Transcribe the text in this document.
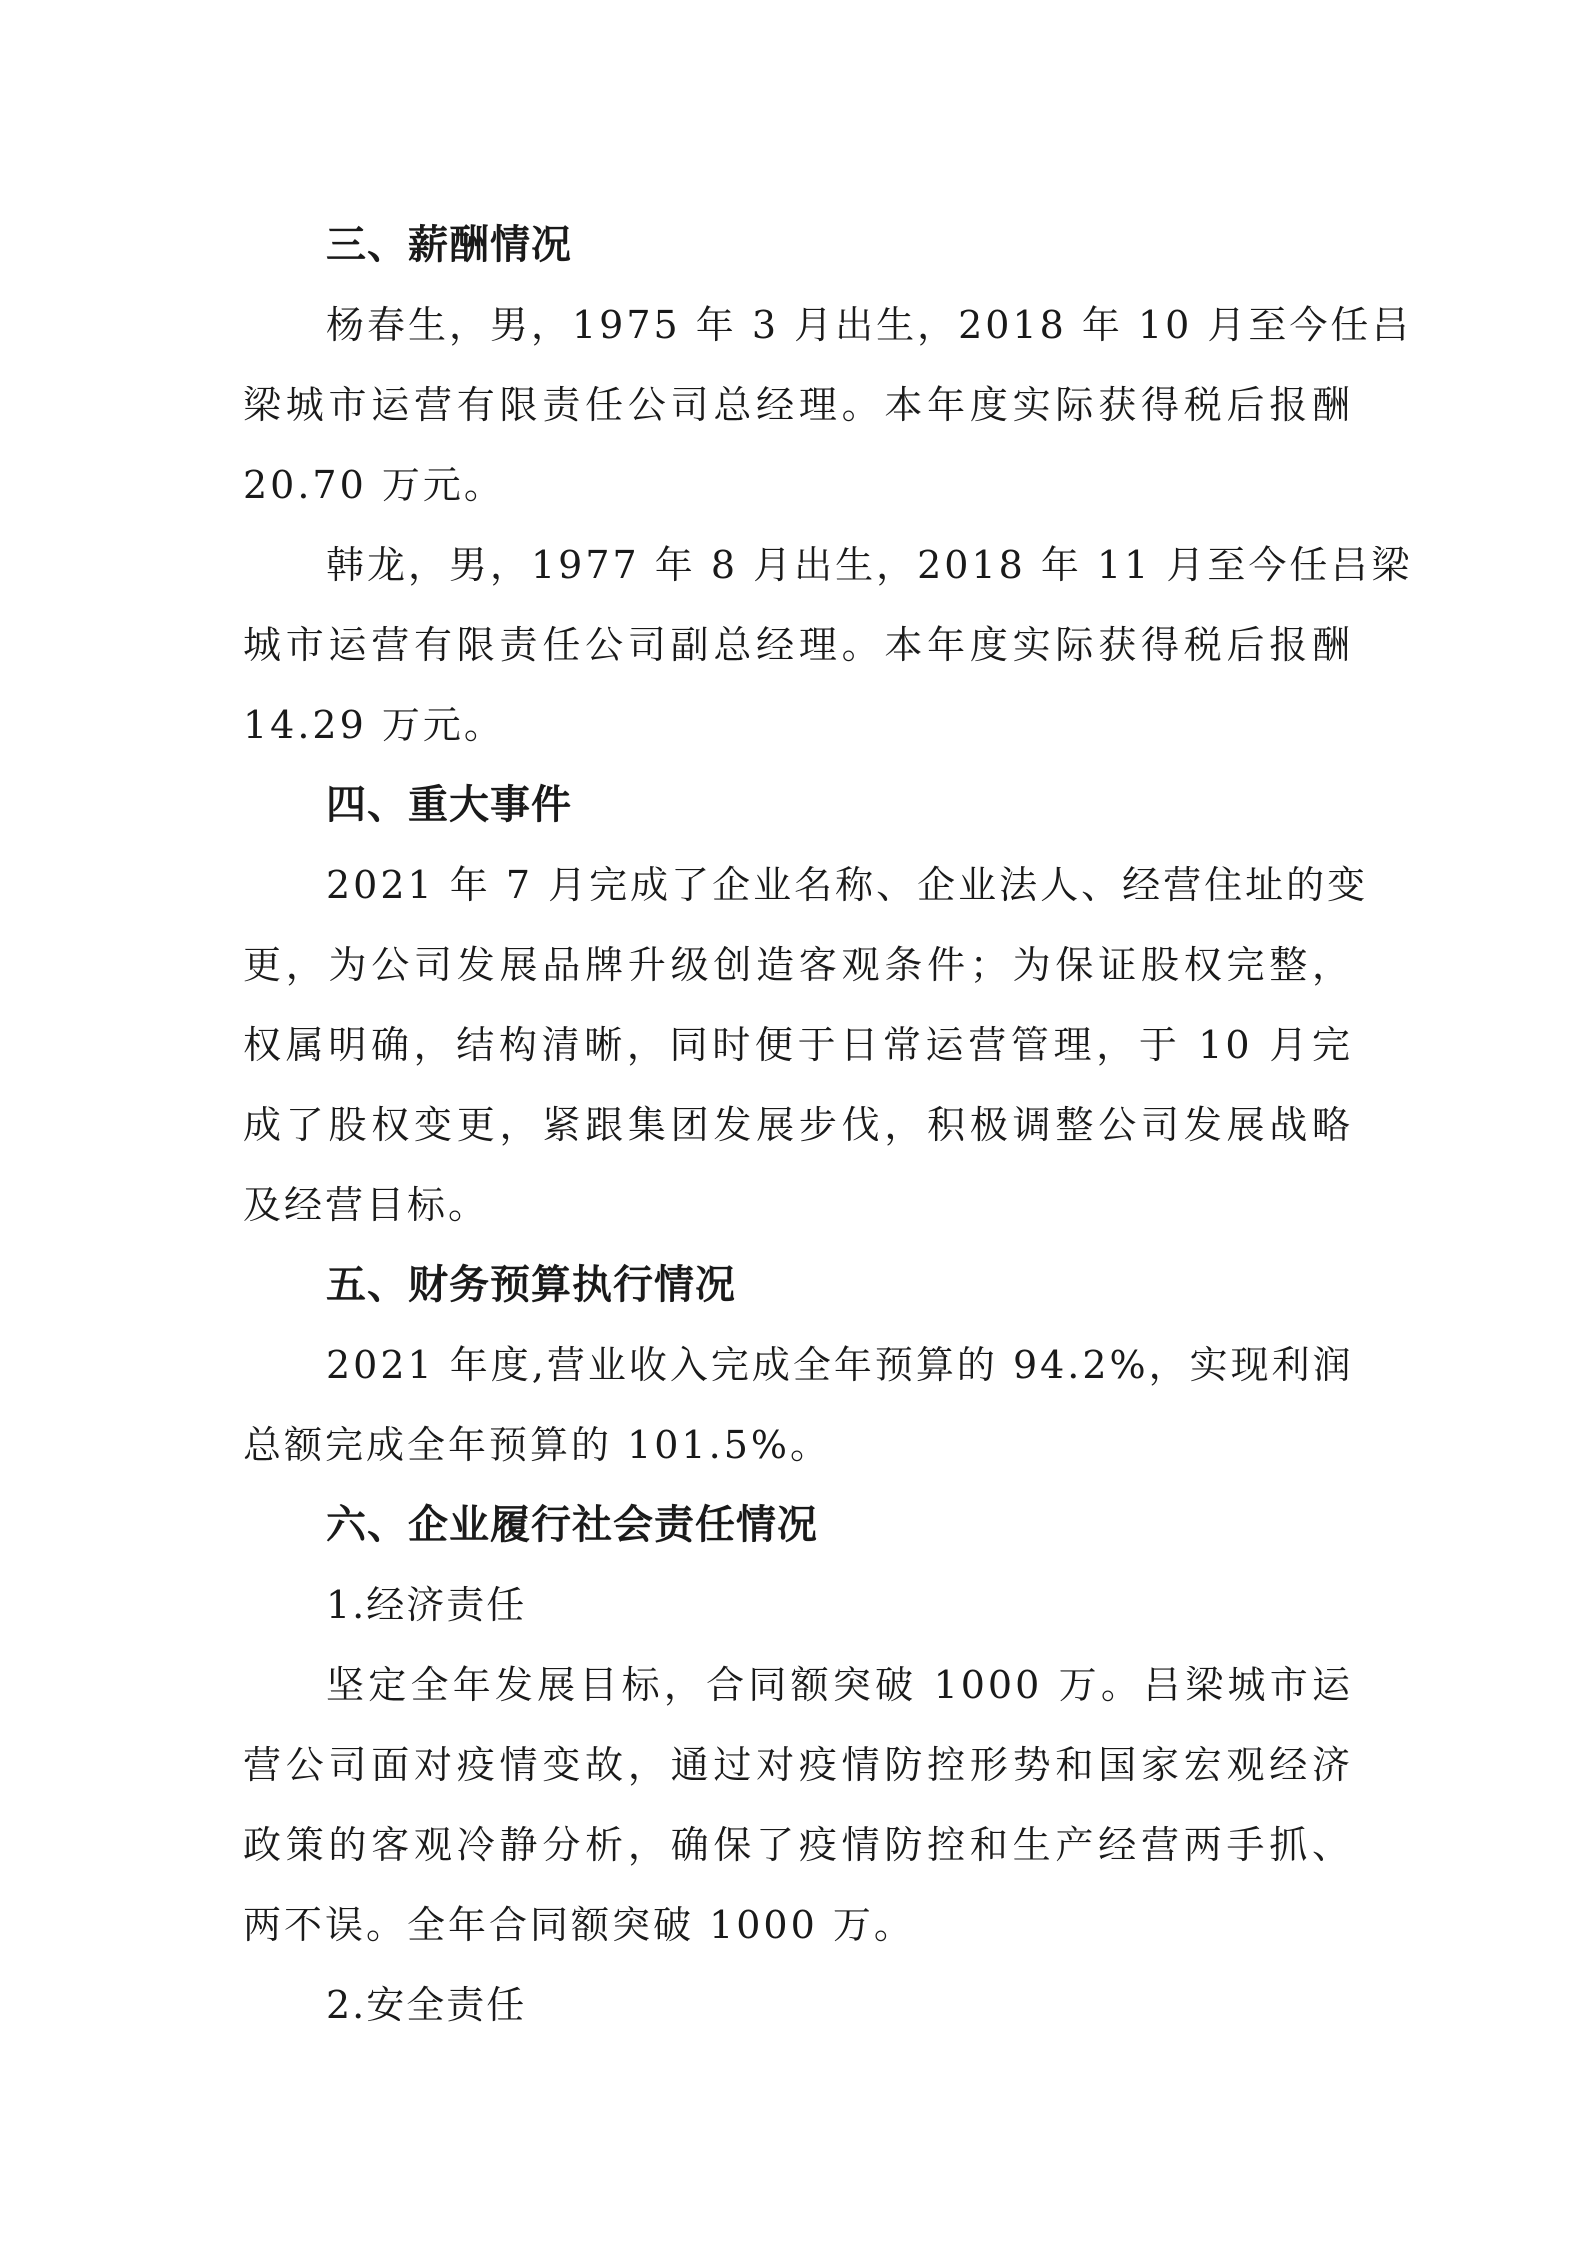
三、薪酬情况
杨春生，男，1975 年 3 月出生，2018 年 10 月至今任吕
梁城市运营有限责任公司总经理。本年度实际获得税后报酬
20.70 万元。
韩龙，男，1977 年 8 月出生，2018 年 11 月至今任吕梁
城市运营有限责任公司副总经理。本年度实际获得税后报酬
14.29 万元。
四、重大事件
2021 年 7 月完成了企业名称、企业法人、经营住址的变
更，为公司发展品牌升级创造客观条件；为保证股权完整，
权属明确，结构清晰，同时便于日常运营管理，于 10 月完
成了股权变更，紧跟集团发展步伐，积极调整公司发展战略
及经营目标。
五、财务预算执行情况
2021 年度,营业收入完成全年预算的 94.2%，实现利润
总额完成全年预算的 101.5%。
六、企业履行社会责任情况
1.经济责任
坚定全年发展目标，合同额突破 1000 万。吕梁城市运
营公司面对疫情变故，通过对疫情防控形势和国家宏观经济
政策的客观冷静分析，确保了疫情防控和生产经营两手抓、
两不误。全年合同额突破 1000 万。
2.安全责任
